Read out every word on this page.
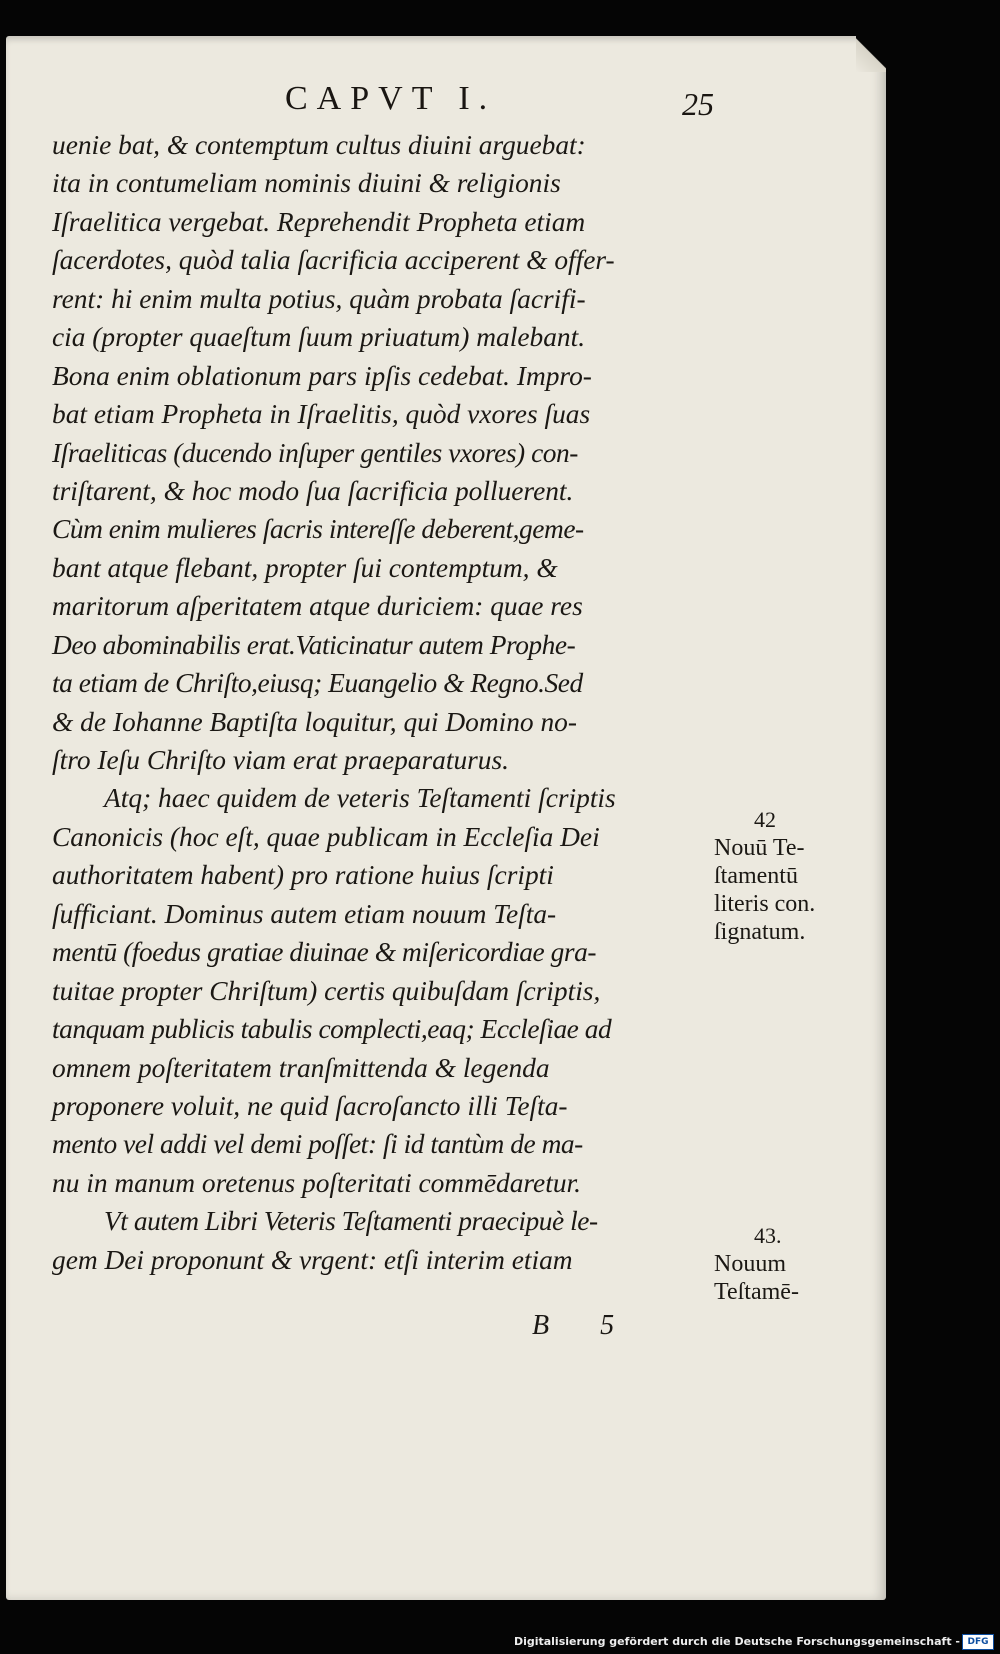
CAPVT I.	25
uenie bat, & contemptum cultus diuini arguebat:
ita in contumeliam nominis diuini & religionis
Iſraelitica vergebat. Reprehendit Propheta etiam
ſacerdotes, quòd talia ſacrificia acciperent & offer-
rent: hi enim multa potius, quàm probata ſacrifi-
cia (propter quaeſtum ſuum priuatum) malebant.
Bona enim oblationum pars ipſis cedebat. Impro-
bat etiam Propheta in Iſraelitis, quòd vxores ſuas
Iſraeliticas (ducendo inſuper gentiles vxores) con-
triſtarent, & hoc modo ſua ſacrificia polluerent.
Cùm enim mulieres ſacris intereſſe deberent,geme-
bant atque flebant, propter ſui contemptum, &
maritorum aſperitatem atque duriciem: quae res
Deo abominabilis erat.Vaticinatur autem Prophe-
ta etiam de Chriſto,eiusq; Euangelio & Regno.Sed
& de Iohanne Baptiſta loquitur, qui Domino no-
ſtro Ieſu Chriſto viam erat praeparaturus.
Atq; haec quidem de veteris Teſtamenti ſcriptis
Canonicis (hoc eſt, quae publicam in Eccleſia Dei
authoritatem habent) pro ratione huius ſcripti
ſufficiant. Dominus autem etiam nouum Teſta-
mentū (foedus gratiae diuinae & miſericordiae gra-
tuitae propter Chriſtum) certis quibuſdam ſcriptis,
tanquam publicis tabulis complecti,eaq; Eccleſiae ad
omnem poſteritatem tranſmittenda & legenda
proponere voluit, ne quid ſacroſancto illi Teſta-
mento vel addi vel demi poſſet: ſi id tantùm de ma-
nu in manum oretenus poſteritati commēdaretur.
Vt autem Libri Veteris Teſtamenti praecipuè le-
gem Dei proponunt & vrgent: etſi interim etiam
42
Nouū Te-
ſtamentū
literis con.
ſignatum.
43.
Nouum
Teſtamē-
B 5
Digitalisierung gefördert durch die Deutsche Forschungsgemeinschaft - DFG
